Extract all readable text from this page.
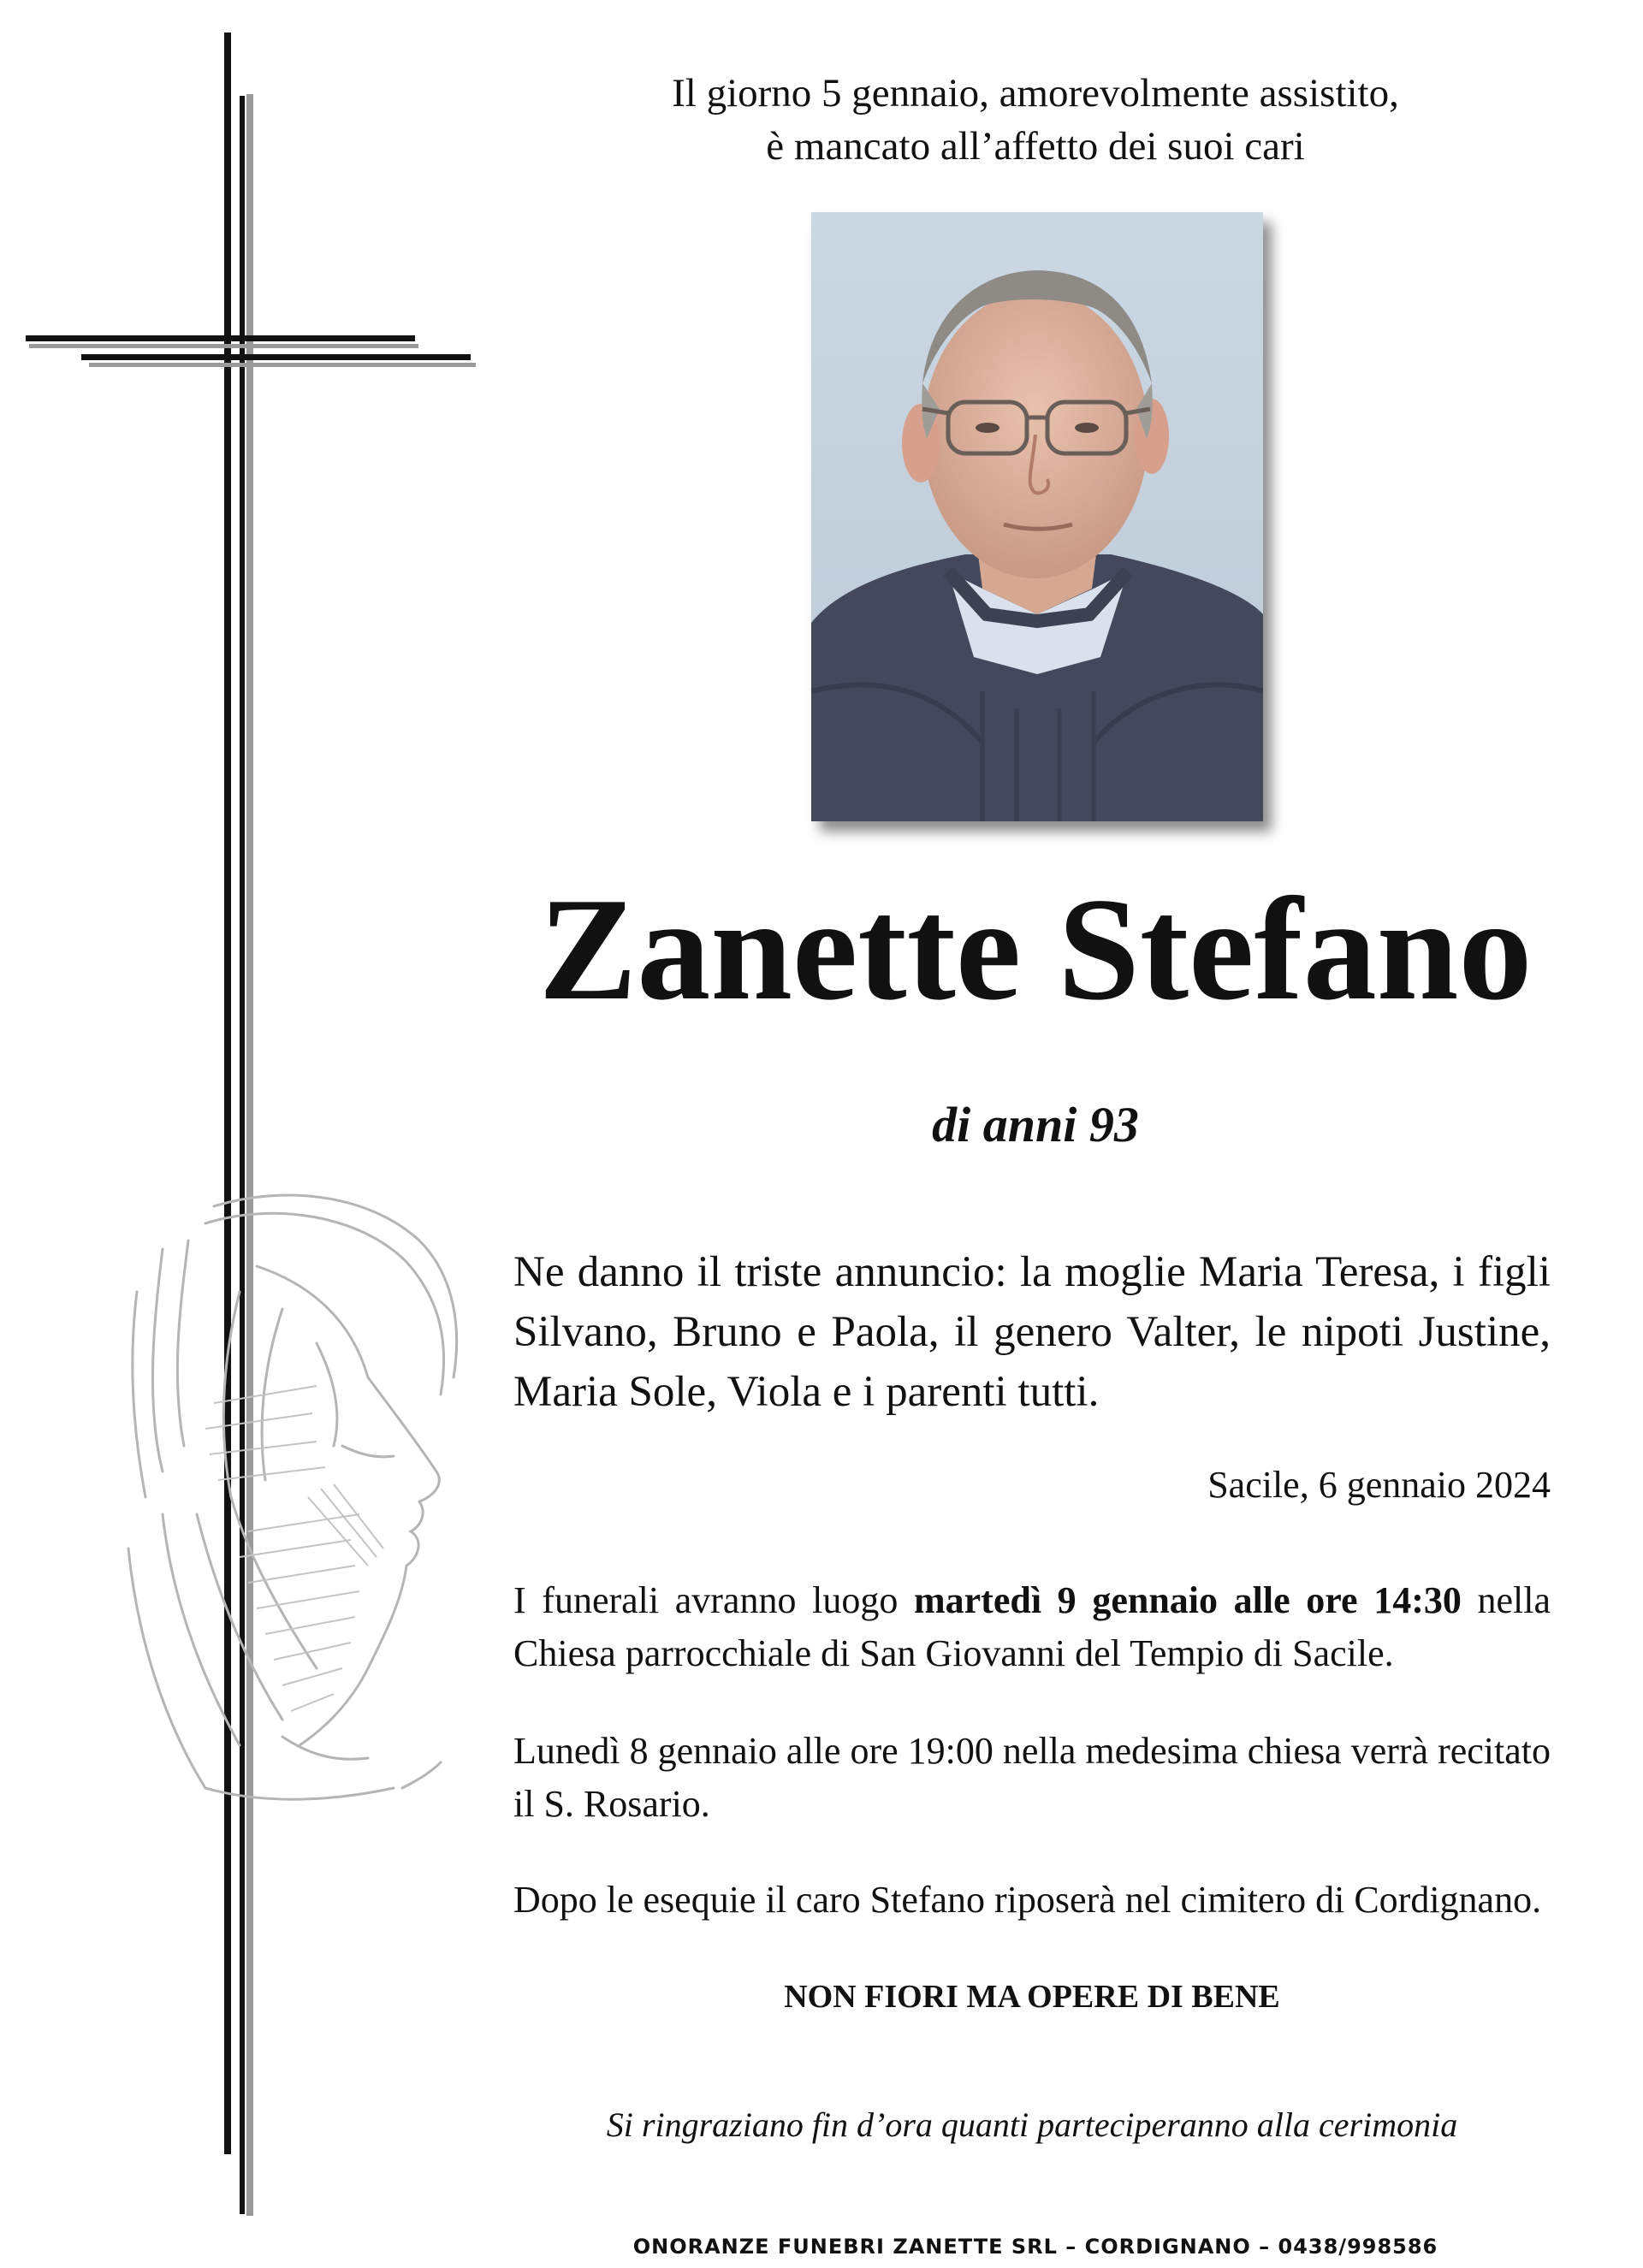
Il giorno 5 gennaio, amorevolmente assistito,
è mancato all’affetto dei suoi cari
Zanette Stefano
di anni 93
Ne danno il triste annuncio: la moglie Maria Teresa, i figli Silvano, Bruno e Paola, il genero Valter, le nipoti Justine, Maria Sole, Viola e i parenti tutti.
Sacile, 6 gennaio 2024
I funerali avranno luogo martedì 9 gennaio alle ore 14:30 nella Chiesa parrocchiale di San Giovanni del Tempio di Sacile.
Lunedì 8 gennaio alle ore 19:00 nella medesima chiesa verrà recitato il S. Rosario.
Dopo le esequie il caro Stefano riposerà nel cimitero di Cordignano.
NON FIORI MA OPERE DI BENE
Si ringraziano fin d’ora quanti parteciperanno alla cerimonia
ONORANZE FUNEBRI ZANETTE SRL – CORDIGNANO – 0438/998586
